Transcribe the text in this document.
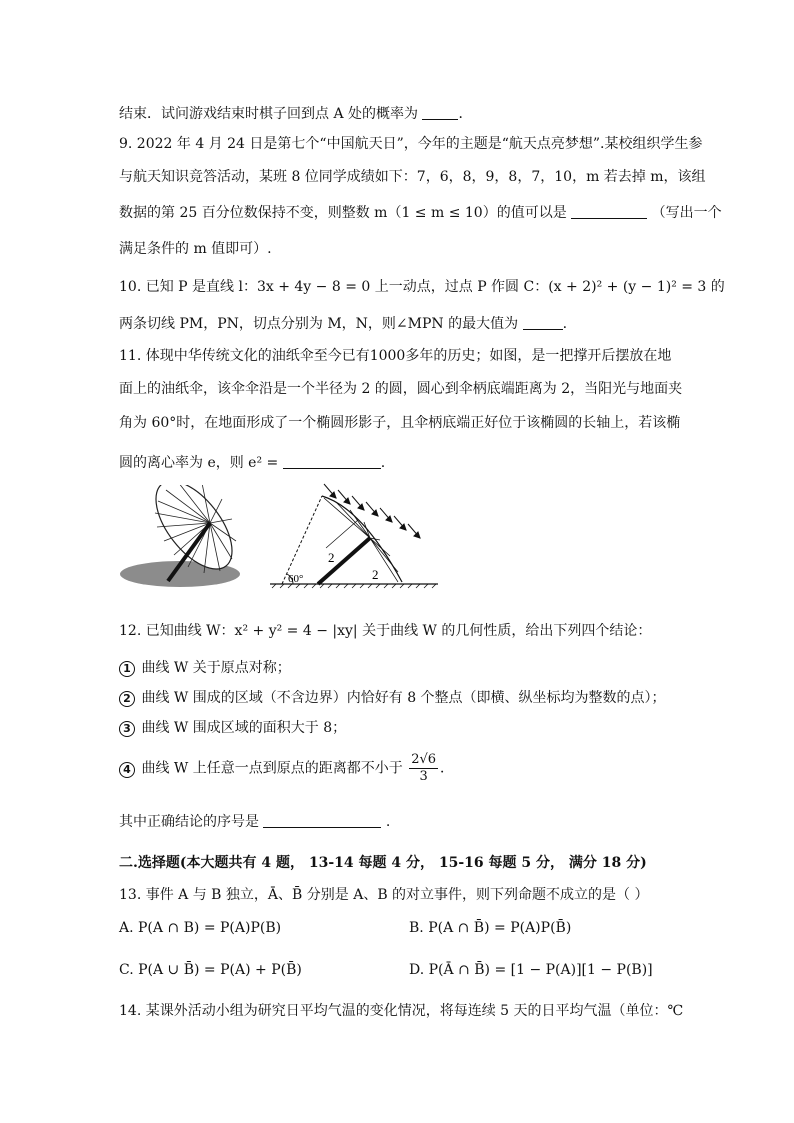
结束．试问游戏结束时棋子回到点 A 处的概率为	．
9. 2022 年 4 月 24 日是第七个“中国航天日”，今年的主题是“航天点亮梦想”.某校组织学生参
与航天知识竞答活动，某班 8 位同学成绩如下：7，6，8，9，8，7，10，m 若去掉 m，该组
数据的第 25 百分位数保持不变，则整数 m（1 ≤ m ≤ 10）的值可以是	（写出一个
满足条件的 m 值即可）.
10. 已知 P 是直线 l：3x + 4y − 8 = 0 上一动点，过点 P 作圆 C：(x + 2)² + (y − 1)² = 3 的
两条切线 PM，PN，切点分别为 M，N，则∠MPN 的最大值为	.
11. 体现中华传统文化的油纸伞至今已有1000多年的历史；如图，是一把撑开后摆放在地
面上的油纸伞，该伞伞沿是一个半径为 2 的圆，圆心到伞柄底端距离为 2，当阳光与地面夹
角为 60°时，在地面形成了一个椭圆形影子，且伞柄底端正好位于该椭圆的长轴上，若该椭
圆的离心率为 e，则 e² =	.
2
2
60°
12. 已知曲线 W：x² + y² = 4 − |xy| 关于曲线 W 的几何性质，给出下列四个结论：
1 曲线 W 关于原点对称；
2 曲线 W 围成的区域（不含边界）内恰好有 8 个整点（即横、纵坐标均为整数的点）；
3 曲线 W 围成区域的面积大于 8；
4 曲线 W 上任意一点到原点的距离都不小于 $\frac{2√6}{3}$ ．
其中正确结论的序号是	.
二.选择题(本大题共有 4 题， 13-14 每题 4 分， 15-16 每题 5 分， 满分 18 分)
13. 事件 A 与 B 独立，Ā、B̄ 分别是 A、B 的对立事件，则下列命题不成立的是（ ）
A. P(A ∩ B) = P(A)P(B)	B. P(A ∩ B̄) = P(A)P(B̄)
C. P(A ∪ B̄) = P(A) + P(B̄)	D. P(Ā ∩ B̄) = [1 − P(A)][1 − P(B)]
14. 某课外活动小组为研究日平均气温的变化情况，将每连续 5 天的日平均气温（单位：℃
